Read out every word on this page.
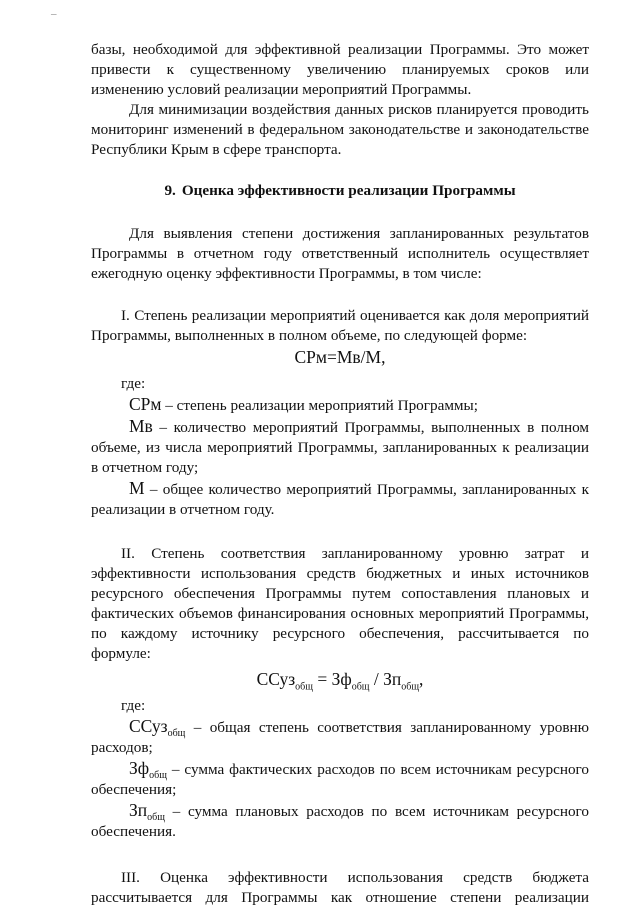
–

базы, необходимой для эффективной реализации Программы. Это может привести к существенному увеличению планируемых сроков или изменению условий реализации мероприятий Программы.

Для минимизации воздействия данных рисков планируется проводить мониторинг изменений в федеральном законодательстве и законодательстве Республики Крым в сфере транспорта.

9. Оценка эффективности реализации Программы

Для выявления степени достижения запланированных результатов Программы в отчетном году ответственный исполнитель осуществляет ежегодную оценку эффективности Программы, в том числе:

I. Степень реализации мероприятий оценивается как доля мероприятий Программы, выполненных в полном объеме, по следующей форме:

СРм=Мв/М,

где:

СРм – степень реализации мероприятий Программы;

Мв – количество мероприятий Программы, выполненных в полном объеме, из числа мероприятий Программы, запланированных к реализации в отчетном году;

М – общее количество мероприятий Программы, запланированных к реализации в отчетном году.

II. Степень соответствия запланированному уровню затрат и эффективности использования средств бюджетных и иных источников ресурсного обеспечения Программы путем сопоставления плановых и фактических объемов финансирования основных мероприятий Программы, по каждому источнику ресурсного обеспечения, рассчитывается по формуле:

ССуз$_{общ}$ = $Зф_{общ} / Зп_{общ}$,

где:

ССуз$_{общ}$ – общая степень соответствия запланированному уровню расходов;

$Зф_{общ}$ – сумма фактических расходов по всем источникам ресурсного обеспечения;

$Зп_{общ}$ – сумма плановых расходов по всем источникам ресурсного обеспечения.

III. Оценка эффективности использования средств бюджета рассчитывается для Программы как отношение степени реализации
